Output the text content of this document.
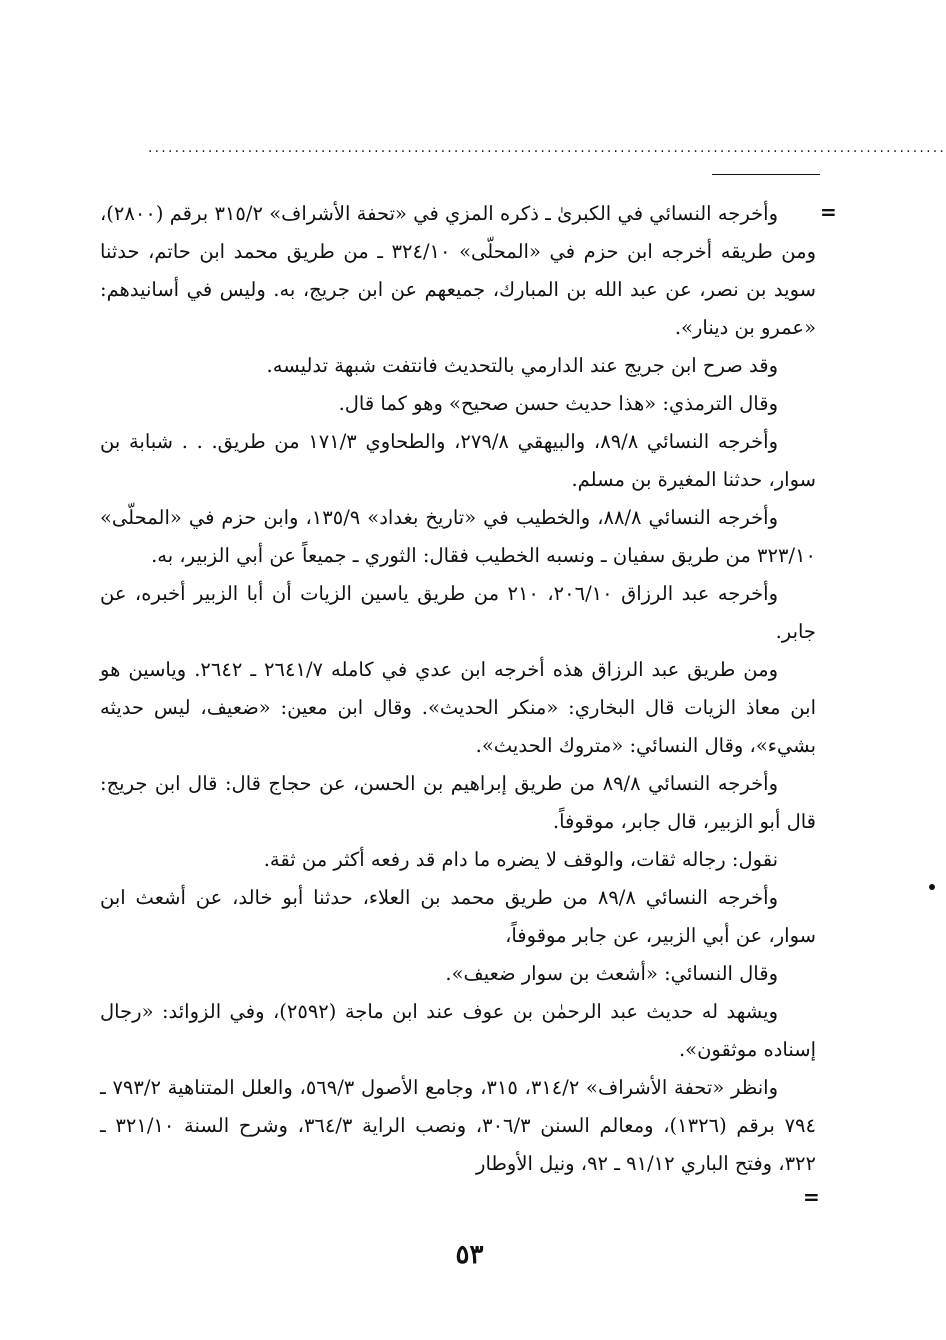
........................................................................................................................
=

وأخرجه النسائي في الكبرىٰ ـ ذكره المزي في «تحفة الأشراف» ٣١٥/٢ برقم (٢٨٠٠)، ومن طريقه أخرجه ابن حزم في «المحلّى» ٣٢٤/١٠ ـ من طريق محمد ابن حاتم، حدثنا سويد بن نصر، عن عبد الله بن المبارك، جميعهم عن ابن جريج، به. وليس في أسانيدهم: «عمرو بن دينار».

وقد صرح ابن جريج عند الدارمي بالتحديث فانتفت شبهة تدليسه.

وقال الترمذي: «هذا حديث حسن صحيح» وهو كما قال.

وأخرجه النسائي ٨٩/٨، والبيهقي ٢٧٩/٨، والطحاوي ١٧١/٣ من طريق. . . شبابة بن سوار، حدثنا المغيرة بن مسلم.

وأخرجه النسائي ٨٨/٨، والخطيب في «تاريخ بغداد» ١٣٥/٩، وابن حزم في «المحلّى» ٣٢٣/١٠ من طريق سفيان ـ ونسبه الخطيب فقال: الثوري ـ جميعاً عن أبي الزبير، به.

وأخرجه عبد الرزاق ٢٠٦/١٠، ٢١٠ من طريق ياسين الزيات أن أبا الزبير أخبره، عن جابر.

ومن طريق عبد الرزاق هذه أخرجه ابن عدي في كامله ٢٦٤١/٧ ـ ٢٦٤٢. وياسين هو ابن معاذ الزيات قال البخاري: «منكر الحديث». وقال ابن معين: «ضعيف، ليس حديثه بشيء»، وقال النسائي: «متروك الحديث».

وأخرجه النسائي ٨٩/٨ من طريق إبراهيم بن الحسن، عن حجاج قال: قال ابن جريج: قال أبو الزبير، قال جابر، موقوفاً.

نقول: رجاله ثقات، والوقف لا يضره ما دام قد رفعه أكثر من ثقة.

وأخرجه النسائي ٨٩/٨ من طريق محمد بن العلاء، حدثنا أبو خالد، عن أشعث ابن سوار، عن أبي الزبير، عن جابر موقوفاً،

وقال النسائي: «أشعث بن سوار ضعيف».

ويشهد له حديث عبد الرحمٰن بن عوف عند ابن ماجة (٢٥٩٢)، وفي الزوائد: «رجال إسناده موثقون».

وانظر «تحفة الأشراف» ٣١٤/٢، ٣١٥، وجامع الأصول ٥٦٩/٣، والعلل المتناهية ٧٩٣/٢ ـ ٧٩٤ برقم (١٣٢٦)، ومعالم السنن ٣٠٦/٣، ونصب الراية ٣٦٤/٣، وشرح السنة ٣٢١/١٠ ـ ٣٢٢، وفتح الباري ٩١/١٢ ـ ٩٢، ونيل الأوطار

=
٥٣
